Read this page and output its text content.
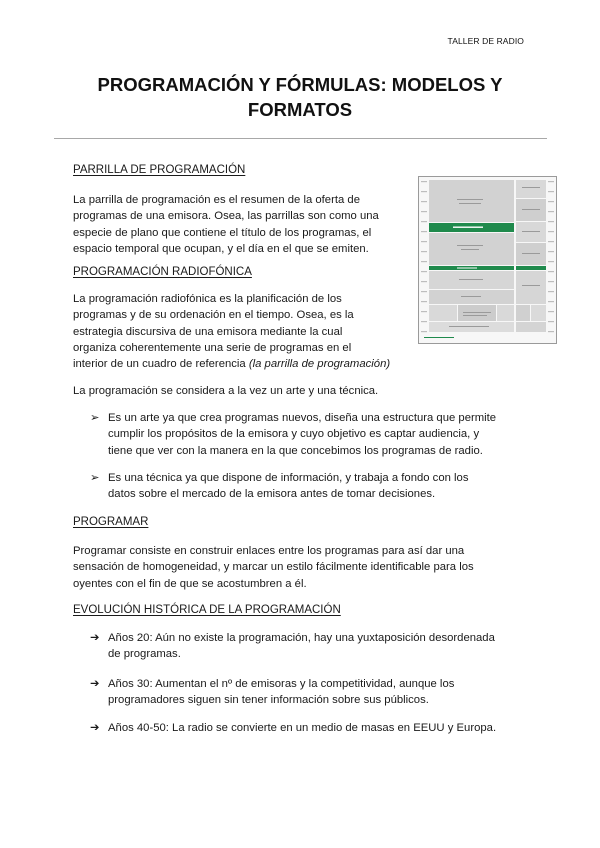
TALLER DE RADIO
PROGRAMACIÓN Y FÓRMULAS: MODELOS Y
FORMATOS
PARRILLA DE PROGRAMACIÓN
La parrilla de programación es el resumen de la oferta de
programas de una emisora. Osea, las parrillas son como una
especie de plano que contiene el título de los programas, el
espacio temporal que ocupan, y el día en el que se emiten.
PROGRAMACIÓN RADIOFÓNICA
La programación radiofónica es la planificación de los
programas y de su ordenación en el tiempo. Osea, es la
estrategia discursiva de una emisora mediante la cual
organiza coherentemente una serie de programas en el
interior de un cuadro de referencia (la parrilla de programación)
La programación se considera a la vez un arte y una técnica.
➢ Es un arte ya que crea programas nuevos, diseña una estructura que permite
cumplir los propósitos de la emisora y cuyo objetivo es captar audiencia, y
tiene que ver con la manera en la que concebimos los programas de radio.
➢ Es una técnica ya que dispone de información, y trabaja a fondo con los
datos sobre el mercado de la emisora antes de tomar decisiones.
PROGRAMAR
Programar consiste en construir enlaces entre los programas para así dar una
sensación de homogeneidad, y marcar un estilo fácilmente identificable para los
oyentes con el fin de que se acostumbren a él.
EVOLUCIÓN HISTÓRICA DE LA PROGRAMACIÓN
➔ Años 20: Aún no existe la programación, hay una yuxtaposición desordenada
de programas.
➔ Años 30: Aumentan el nº de emisoras y la competitividad, aunque los
programadores siguen sin tener información sobre sus públicos.
➔ Años 40-50: La radio se convierte en un medio de masas en EEUU y Europa.
